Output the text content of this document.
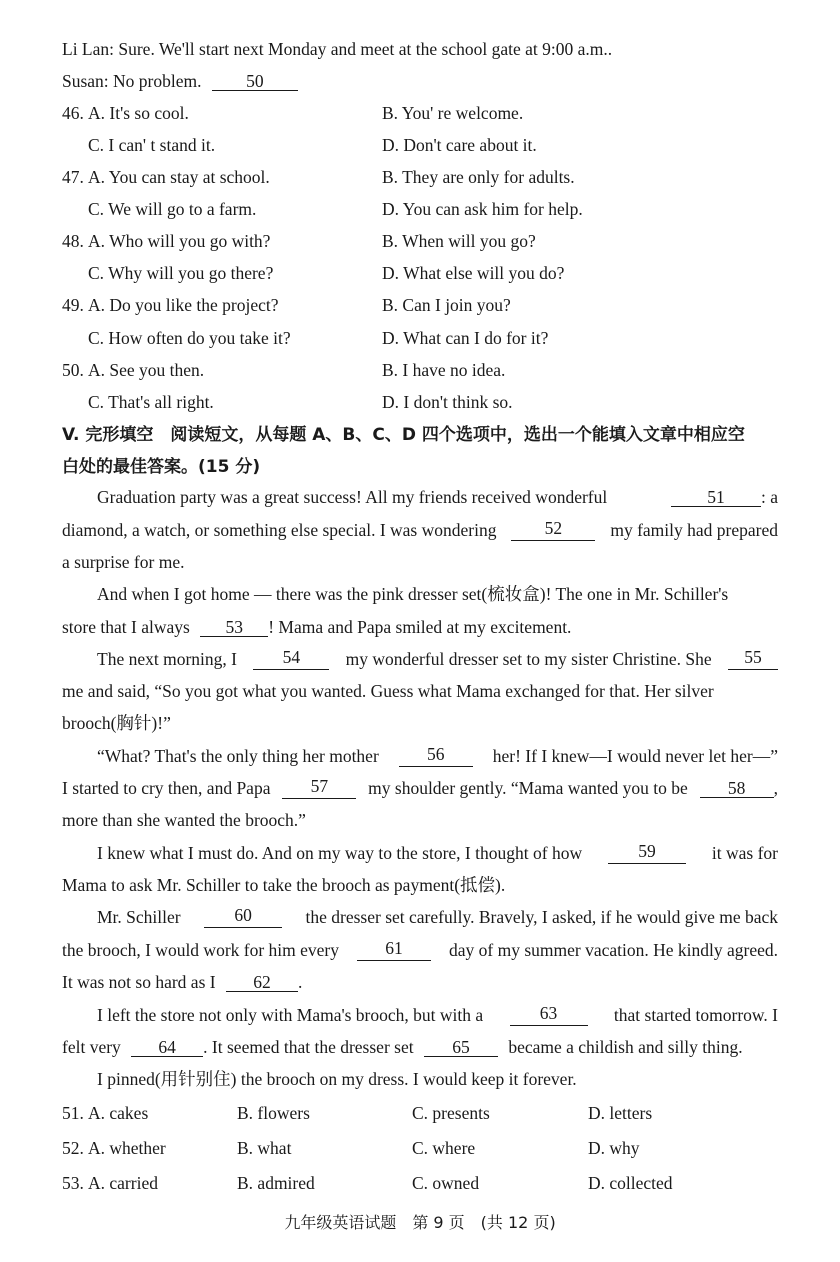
Li Lan: Sure. We'll start next Monday and meet at the school gate at 9:00 a.m..
Susan: No problem.	50
46. A. It's so cool.	B. You' re welcome.
C. I can' t stand it.	D. Don't care about it.
47. A. You can stay at school.	B. They are only for adults.
C. We will go to a farm.	D. You can ask him for help.
48. A. Who will you go with?	B. When will you go?
C. Why will you go there?	D. What else will you do?
49. A. Do you like the project?	B. Can I join you?
C. How often do you take it?	D. What can I do for it?
50. A. See you then.	B. I have no idea.
C. That's all right.	D. I don't think so.
V. 完形填空　阅读短文，从每题 A、B、C、D 四个选项中，选出一个能填入文章中相应空
白处的最佳答案。(15 分)
Graduation party was a great success! All my friends received wonderful	51 : a
diamond, a watch, or something else special. I was wondering	52	my family had prepared
a surprise for me.
And when I got home — there was the pink dresser set(梳妆盒)! The one in Mr. Schiller's
store that I always 53 ! Mama and Papa smiled at my excitement.
The next morning, I	54	my wonderful dresser set to my sister Christine. She	55
me and said, “So you got what you wanted. Guess what Mama exchanged for that. Her silver
brooch(胸针)!”
“What? That's the only thing her mother	56	her! If I knew—I would never let her—”
I started to cry then, and Papa	57	my shoulder gently. “Mama wanted you to be	58 ,
more than she wanted the brooch.”
I knew what I must do. And on my way to the store, I thought of how	59	it was for
Mama to ask Mr. Schiller to take the brooch as payment(抵偿).
Mr. Schiller	60	the dresser set carefully. Bravely, I asked, if he would give me back
the brooch, I would work for him every	61	day of my summer vacation. He kindly agreed.
It was not so hard as I 62 .
I left the store not only with Mama's brooch, but with a	63	that started tomorrow. I
felt very 64 . It seemed that the dresser set 65 became a childish and silly thing.
I pinned(用针别住) the brooch on my dress. I would keep it forever.
51. A. cakes	B. flowers	C. presents	D. letters
52. A. whether	B. what	C. where	D. why
53. A. carried	B. admired	C. owned	D. collected
九年级英语试题　第 9 页　(共 12 页)
